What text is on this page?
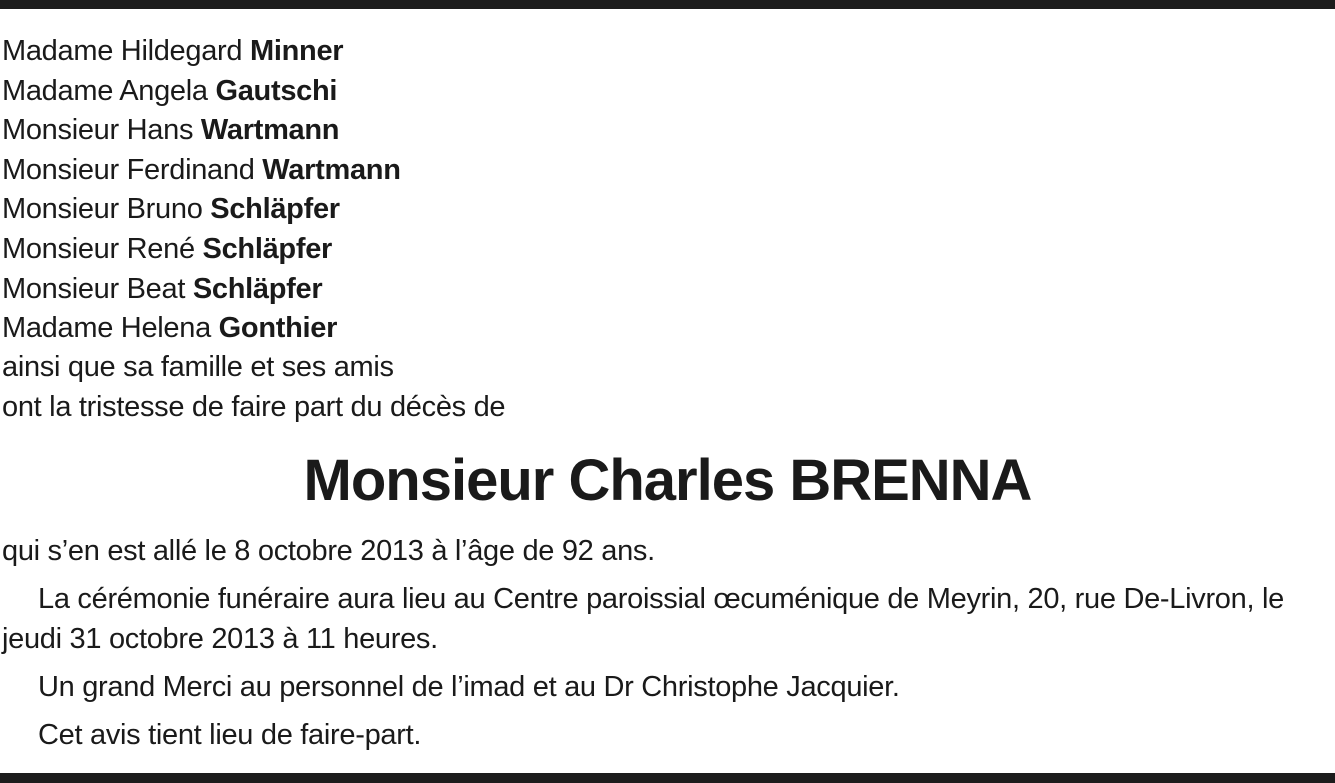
Madame Hildegard Minner
Madame Angela Gautschi
Monsieur Hans Wartmann
Monsieur Ferdinand Wartmann
Monsieur Bruno Schläpfer
Monsieur René Schläpfer
Monsieur Beat Schläpfer
Madame Helena Gonthier
ainsi que sa famille et ses amis
ont la tristesse de faire part du décès de
Monsieur Charles BRENNA

qui s’en est allé le 8 octobre 2013 à l’âge de 92 ans.

La cérémonie funéraire aura lieu au Centre paroissial œcuménique de Meyrin, 20, rue De-Livron, le jeudi 31 octobre 2013 à 11 heures.

Un grand Merci au personnel de l’imad et au Dr Christophe Jacquier.

Cet avis tient lieu de faire-part.
